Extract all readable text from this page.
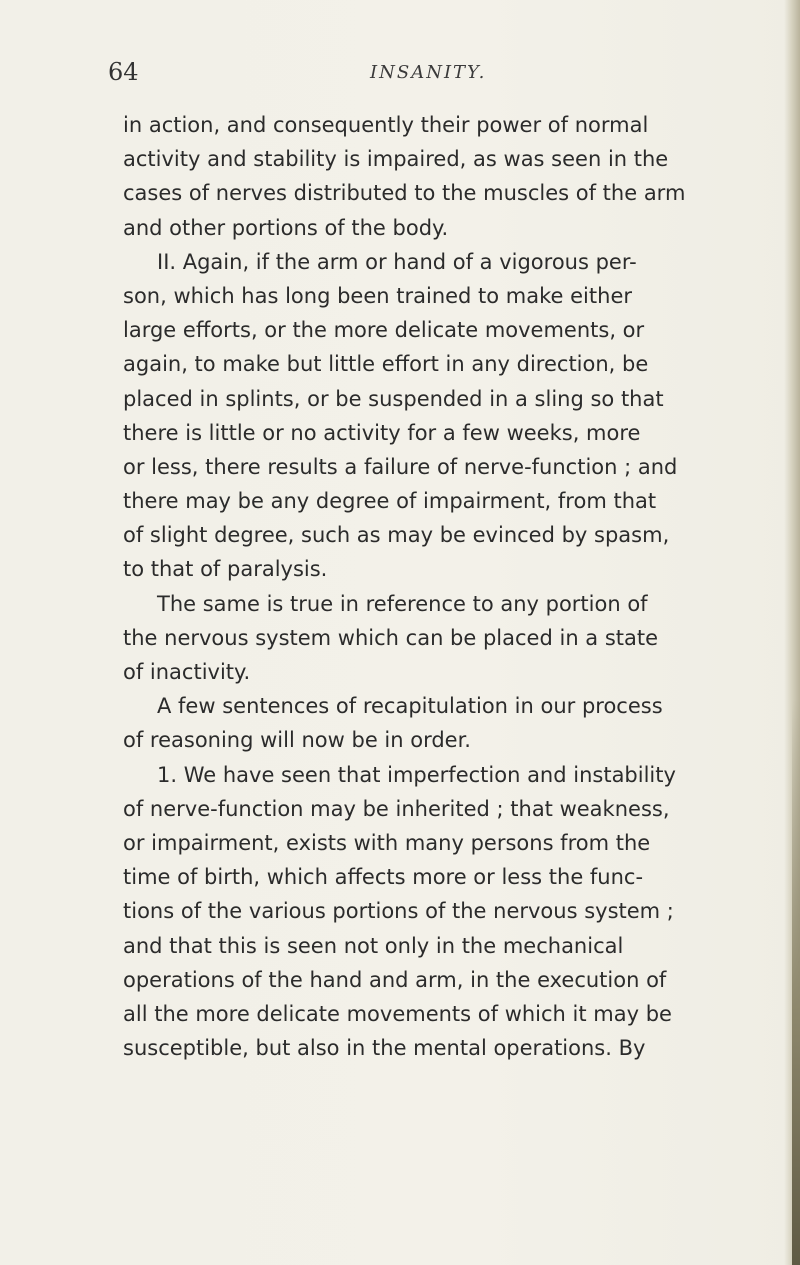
64	INSANITY.
in action, and consequently their power of normal
activity and stability is impaired, as was seen in the
cases of nerves distributed to the muscles of the arm
and other portions of the body.
II. Again, if the arm or hand of a vigorous per-
son, which has long been trained to make either
large efforts, or the more delicate movements, or
again, to make but little effort in any direction, be
placed in splints, or be suspended in a sling so that
there is little or no activity for a few weeks, more
or less, there results a failure of nerve-function ; and
there may be any degree of impairment, from that
of slight degree, such as may be evinced by spasm,
to that of paralysis.
The same is true in reference to any portion of
the nervous system which can be placed in a state
of inactivity.
A few sentences of recapitulation in our process
of reasoning will now be in order.
1. We have seen that imperfection and instability
of nerve-function may be inherited ; that weakness,
or impairment, exists with many persons from the
time of birth, which affects more or less the func-
tions of the various portions of the nervous system ;
and that this is seen not only in the mechanical
operations of the hand and arm, in the execution of
all the more delicate movements of which it may be
susceptible, but also in the mental operations. By
